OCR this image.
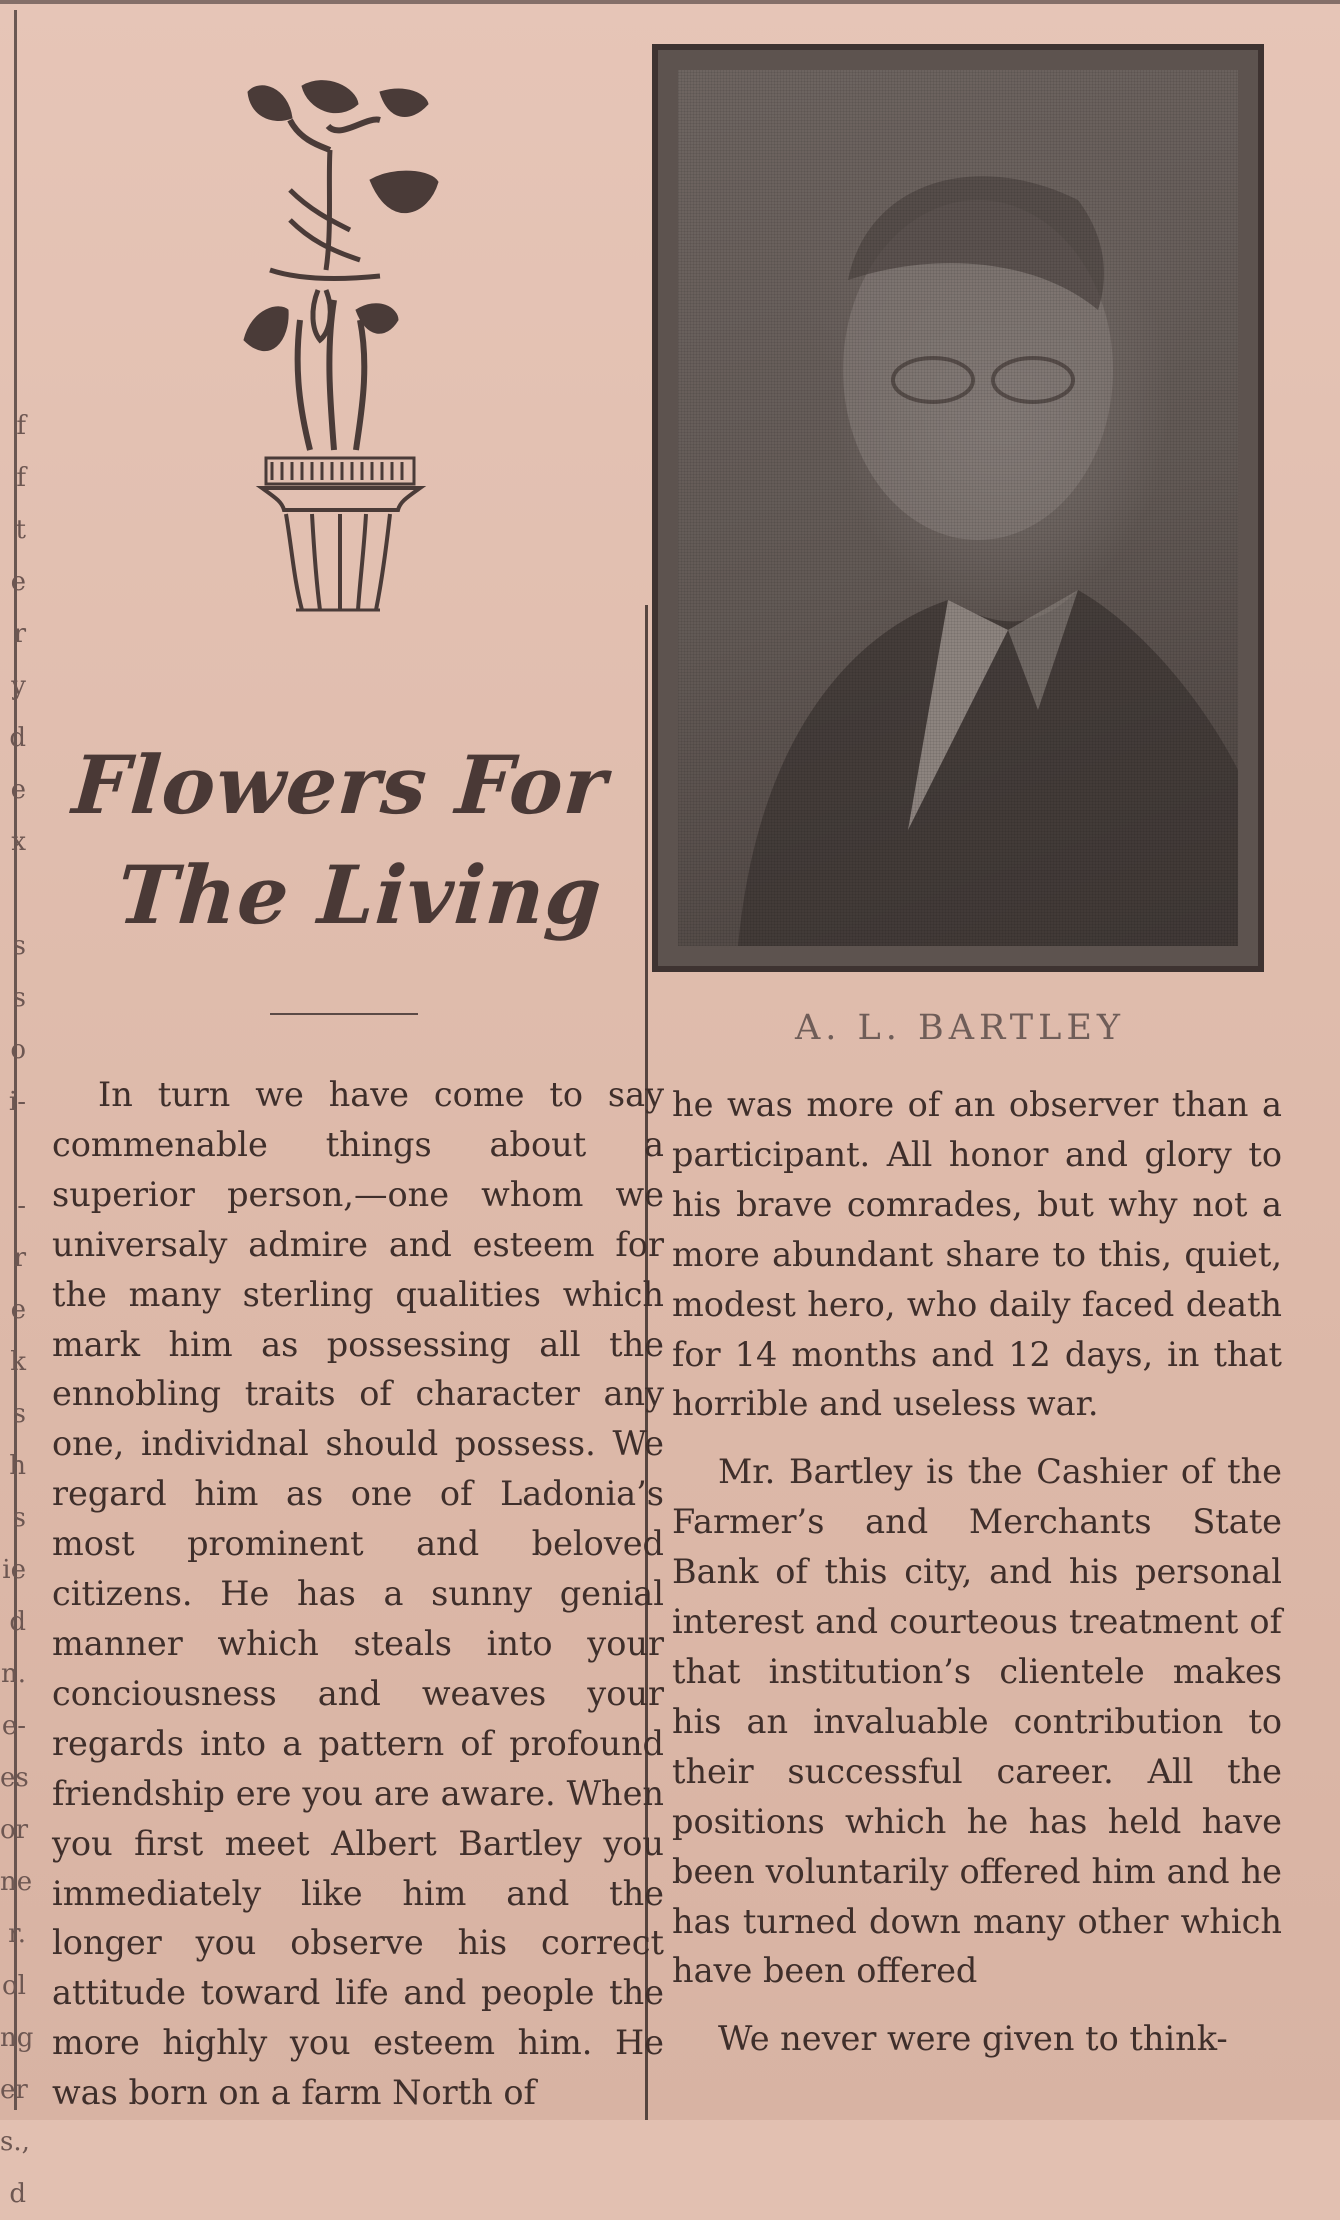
f
f
t
e
r
y
d
e
x
s
s
o
i-
-
r
e
k
s
h
s
ie
d
n.
e-
es
or
ne
r.
ol
ng
er
s.,
d
Flowers For
The Living
A. L. BARTLEY

In turn we have come to say commenable things about a superior person,—one whom we universaly admire and esteem for the many sterling qualities which mark him as possessing all the ennobling traits of character any one, individnal should possess. We regard him as one of Ladonia’s most prominent and beloved citizens. He has a sunny genial manner which steals into your conciousness and weaves your regards into a pattern of profound friendship ere you are aware. When you first meet Albert Bartley you immediately like him and the longer you observe his correct attitude toward life and people the more highly you esteem him. He was born on a farm North of

he was more of an observer than a participant. All honor and glory to his brave comrades, but why not a more abundant share to this, quiet, modest hero, who daily faced death for 14 months and 12 days, in that horrible and useless war.

Mr. Bartley is the Cashier of the Farmer’s and Merchants State Bank of this city, and his personal interest and courteous treatment of that institution’s clientele makes his an invaluable contribution to their successful career. All the positions which he has held have been voluntarily offered him and he has turned down many other which have been offered

We never were given to think-
